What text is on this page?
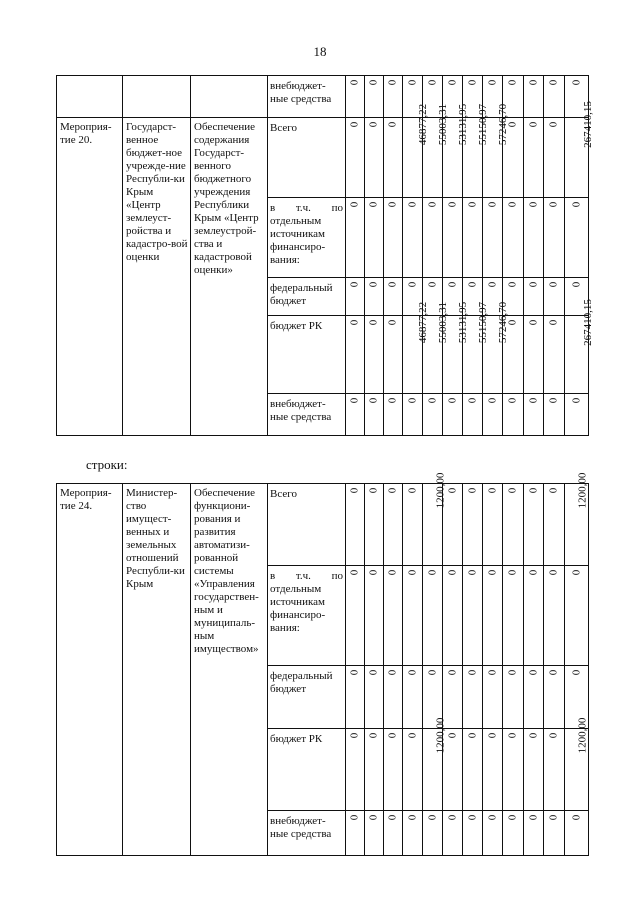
18
			внебюджет-ные средства	0	0	0	0	0	0	0	0	0	0	0	0
Мероприя-тие 20.	Государст-венное бюджет-ное учрежде-ние Республи-ки Крым «Центр землеуст-ройства и кадастро-вой оценки	Обеспечение содержания Государст-венного бюджетного учреждения Республики Крым «Центр землеустрой-ства и кадастровой оценки»	Всего	0	0	0	46877,22	55003,31	53131,95	55150,97	57246,70	0	0	0	267410,15
			в т.ч. по отдельным источникам финансиро-вания:	0	0	0	0	0	0	0	0	0	0	0	0
			федеральный бюджет	0	0	0	0	0	0	0	0	0	0	0	0
			бюджет РК	0	0	0	46877,22	55003,31	53131,95	55150,97	57246,70	0	0	0	267410,15
			внебюджет-ные средства	0	0	0	0	0	0	0	0	0	0	0	0
строки:
Мероприя-тие 24.	Министер-ство имущест-венных и земельных отношений Республи-ки Крым	Обеспечение функциони-рования и развития автоматизи-рованной системы «Управления государствен-ным и муниципаль-ным имуществом»	Всего	0	0	0	0	1200,00	0	0	0	0	0	0	1200,00
			в т.ч. по отдельным источникам финансиро-вания:	0	0	0	0	0	0	0	0	0	0	0	0
			федеральный бюджет	0	0	0	0	0	0	0	0	0	0	0	0
			бюджет РК	0	0	0	0	1200,00	0	0	0	0	0	0	1200,00
			внебюджет-ные средства	0	0	0	0	0	0	0	0	0	0	0	0
